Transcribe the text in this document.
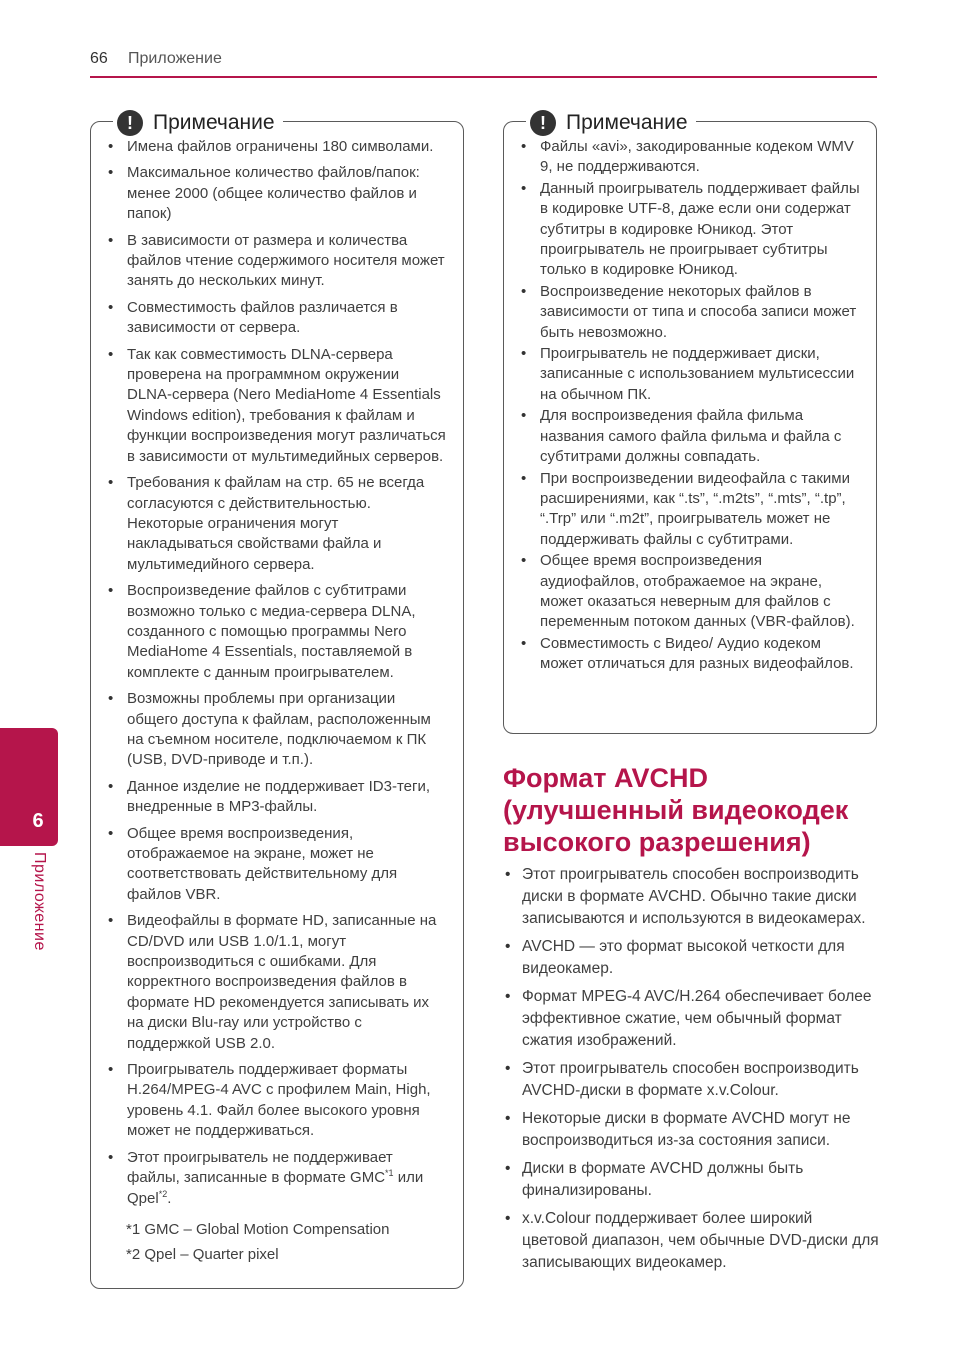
66 Приложение
6
Приложение
! Примечание
• Имена файлов ограничены 180 символами.
• Максимальное количество файлов/папок: менее 2000 (общее количество файлов и папок)
• В зависимости от размера и количества файлов чтение содержимого носителя может занять до нескольких минут.
• Совместимость файлов различается в зависимости от сервера.
• Так как совместимость DLNA-сервера проверена на программном окружении DLNA-сервера (Nero MediaHome 4 Essentials Windows edition), требования к файлам и функции воспроизведения могут различаться в зависимости от мультимедийных серверов.
• Требования к файлам на стр. 65 не всегда согласуются с действительностью. Некоторые ограничения могут накладываться свойствами файла и мультимедийного сервера.
• Воспроизведение файлов с субтитрами возможно только с медиа-сервера DLNA, созданного с помощью программы Nero MediaHome 4 Essentials, поставляемой в комплекте с данным проигрывателем.
• Возможны проблемы при организации общего доступа к файлам, расположенным на съемном носителе, подключаемом к ПК (USB, DVD-приводе и т.п.).
• Данное изделие не поддерживает ID3-теги, внедренные в MP3-файлы.
• Общее время воспроизведения, отображаемое на экране, может не соответствовать действительному для файлов VBR.
• Видеофайлы в формате HD, записанные на CD/DVD или USB 1.0/1.1, могут воспроизводиться с ошибками. Для корректного воспроизведения файлов в формате HD рекомендуется записывать их на диски Blu-ray или устройство с поддержкой USB 2.0.
• Проигрыватель поддерживает форматы H.264/MPEG-4 AVC с профилем Main, High, уровень 4.1. Файл более высокого уровня может не поддерживаться.
• Этот проигрыватель не поддерживает файлы, записанные в формате GMC$^{*1}$ или Qpel$^{*2}$.
*1 GMC – Global Motion Compensation
*2 Qpel – Quarter pixel
! Примечание
• Файлы «avi», закодированные кодеком WMV 9, не поддерживаются.
• Данный проигрыватель поддерживает файлы в кодировке UTF-8, даже если они содержат субтитры в кодировке Юникод. Этот проигрыватель не проигрывает субтитры только в кодировке Юникод.
• Воспроизведение некоторых файлов в зависимости от типа и способа записи может быть невозможно.
• Проигрыватель не поддерживает диски, записанные с использованием мультисессии на обычном ПК.
• Для воспроизведения файла фильма названия самого файла фильма и файла с субтитрами должны совпадать.
• При воспроизведении видеофайла с такими расширениями, как “.ts”, “.m2ts”, “.mts”, “.tp”, “.Trp” или “.m2t”, проигрыватель может не поддерживать файлы с субтитрами.
• Общее время воспроизведения аудиофайлов, отображаемое на экране, может оказаться неверным для файлов с переменным потоком данных (VBR-файлов).
• Совместимость с Видео/ Аудио кодеком может отличаться для разных видеофайлов.
Формат AVCHD (улучшенный видеокодек высокого разрешения)
• Этот проигрыватель способен воспроизводить диски в формате AVCHD. Обычно такие диски записываются и используются в видеокамерах.
• AVCHD — это формат высокой четкости для видеокамер.
• Формат MPEG-4 AVC/H.264 обеспечивает более эффективное сжатие, чем обычный формат сжатия изображений.
• Этот проигрыватель способен воспроизводить AVCHD-диски в формате x.v.Colour.
• Некоторые диски в формате AVCHD могут не воспроизводиться из-за состояния записи.
• Диски в формате AVCHD должны быть финализированы.
• x.v.Colour поддерживает более широкий цветовой диапазон, чем обычные DVD-диски для записывающих видеокамер.
